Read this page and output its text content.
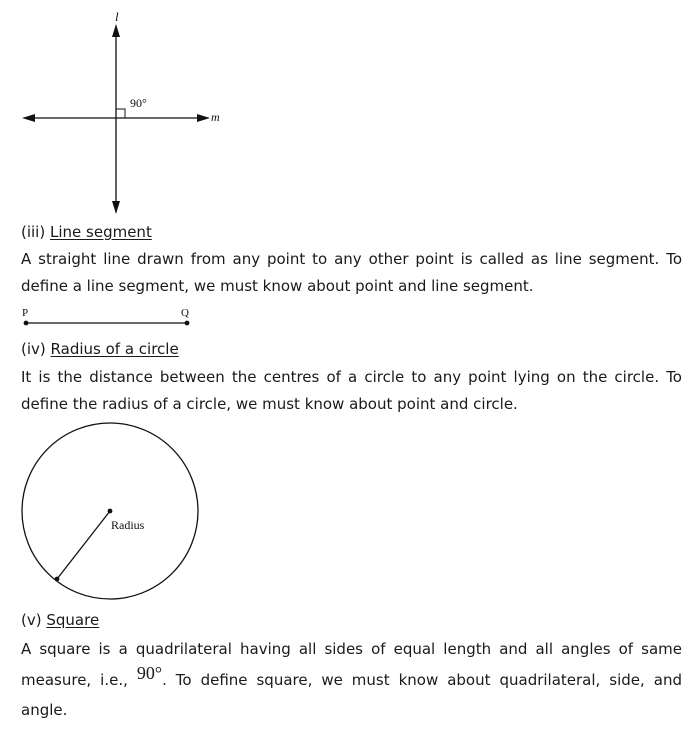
l
m
90°
(iii) Line segment
A straight line drawn from any point to any other point is called as line segment. To define a line segment, we must know about point and line segment.
P	Q
(iv) Radius of a circle
It is the distance between the centres of a circle to any point lying on the circle. To define the radius of a circle, we must know about point and circle.
Radius
(v) Square
A square is a quadrilateral having all sides of equal length and all angles of same measure, i.e., 90°. To define square, we must know about quadrilateral, side, and angle.
